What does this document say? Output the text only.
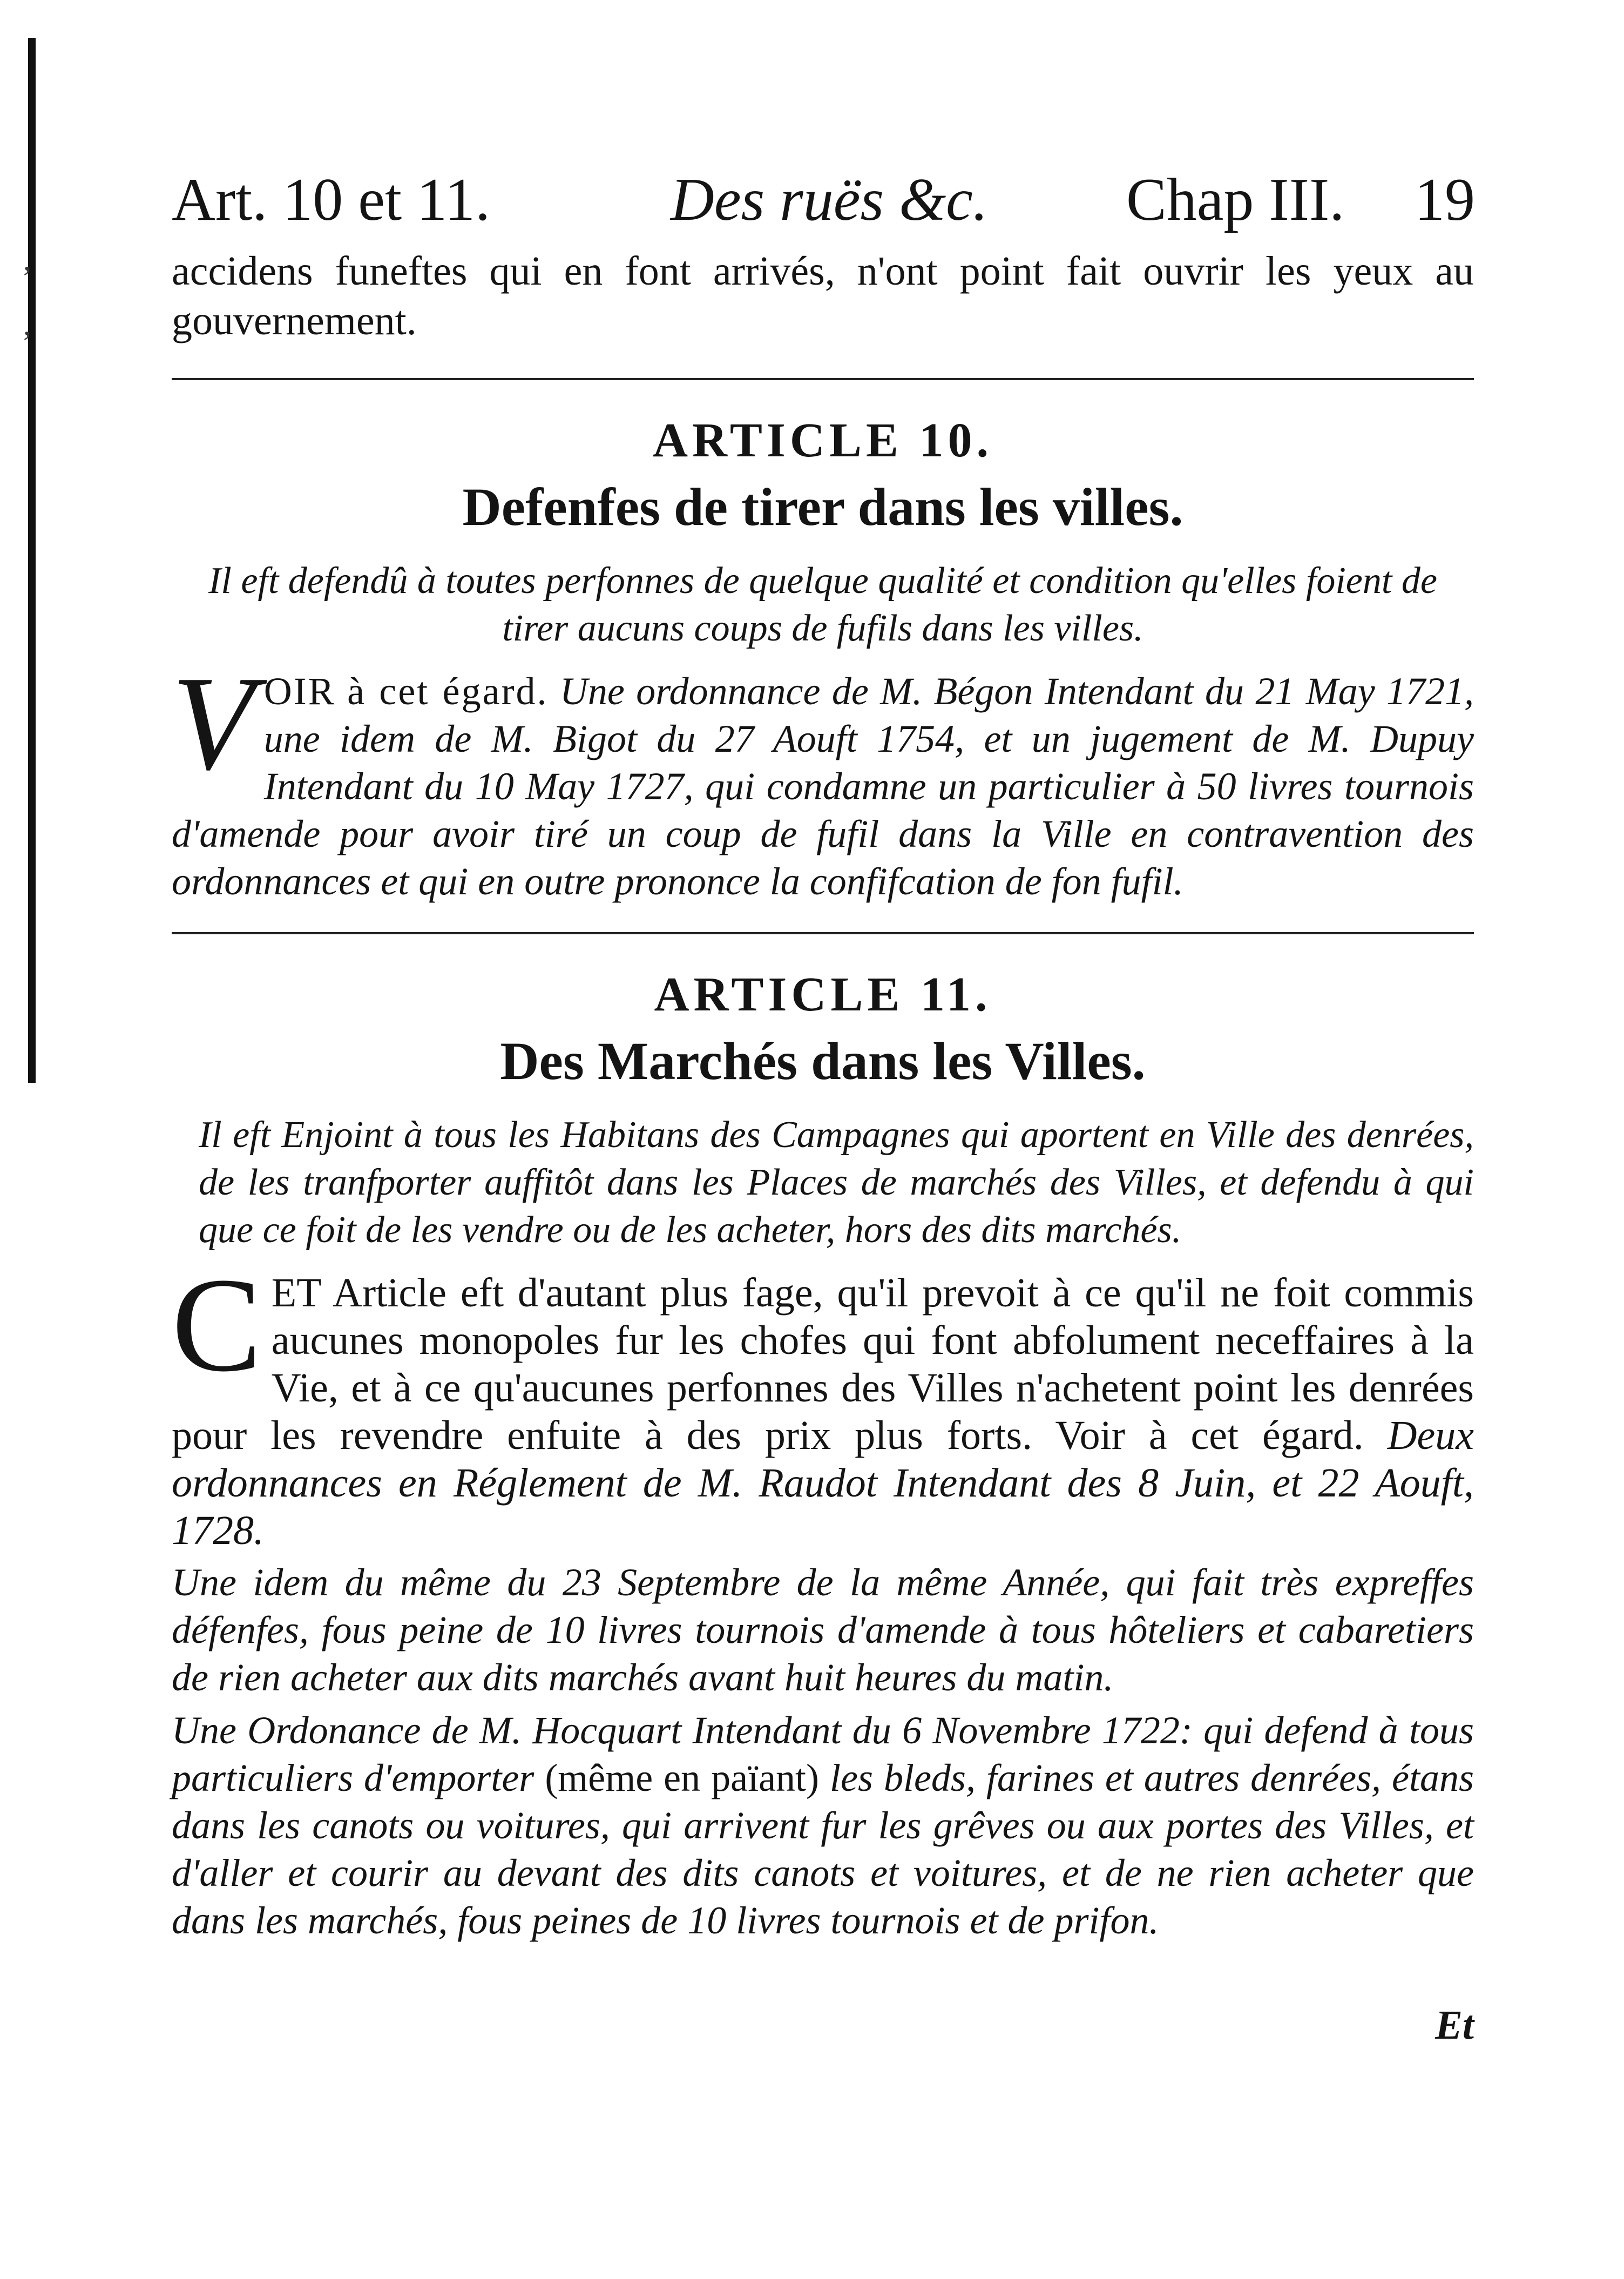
ʼ
ʼ
Art. 10 et 11.	Des ruës &c. Chap III. 19

accidens funeftes qui en font arrivés, n'ont point fait ouvrir les yeux au gouvernement.

ARTICLE 10.
Defenfes de tirer dans les villes.

Il eft defendû à toutes perfonnes de quelque qualité et condition qu'elles foient de tirer aucuns coups de fufils dans les villes.

VOIR à cet égard. Une ordonnance de M. Bégon Intendant du 21 May 1721, une idem de M. Bigot du 27 Aouft 1754, et un jugement de M. Dupuy Intendant du 10 May 1727, qui condamne un particulier à 50 livres tournois d'amende pour avoir tiré un coup de fufil dans la Ville en contravention des ordonnances et qui en outre prononce la confifcation de fon fufil.

ARTICLE 11.
Des Marchés dans les Villes.

Il eft Enjoint à tous les Habitans des Campagnes qui aportent en Ville des denrées, de les tranfporter auffitôt dans les Places de marchés des Villes, et defendu à qui que ce foit de les vendre ou de les acheter, hors des dits marchés.

CET Article eft d'autant plus fage, qu'il prevoit à ce qu'il ne foit commis aucunes monopoles fur les chofes qui font abfolument neceffaires à la Vie, et à ce qu'aucunes perfonnes des Villes n'achetent point les denrées pour les revendre enfuite à des prix plus forts. Voir à cet égard. Deux ordonnances en Réglement de M. Raudot Intendant des 8 Juin, et 22 Aouft, 1728.

Une idem du même du 23 Septembre de la même Année, qui fait très expreffes défenfes, fous peine de 10 livres tournois d'amende à tous hôteliers et cabaretiers de rien acheter aux dits marchés avant huit heures du matin.

Une Ordonance de M. Hocquart Intendant du 6 Novembre 1722: qui defend à tous particuliers d'emporter (même en païant) les bleds, farines et autres denrées, étans dans les canots ou voitures, qui arrivent fur les grêves ou aux portes des Villes, et d'aller et courir au devant des dits canots et voitures, et de ne rien acheter que dans les marchés, fous peines de 10 livres tournois et de prifon.

Et
